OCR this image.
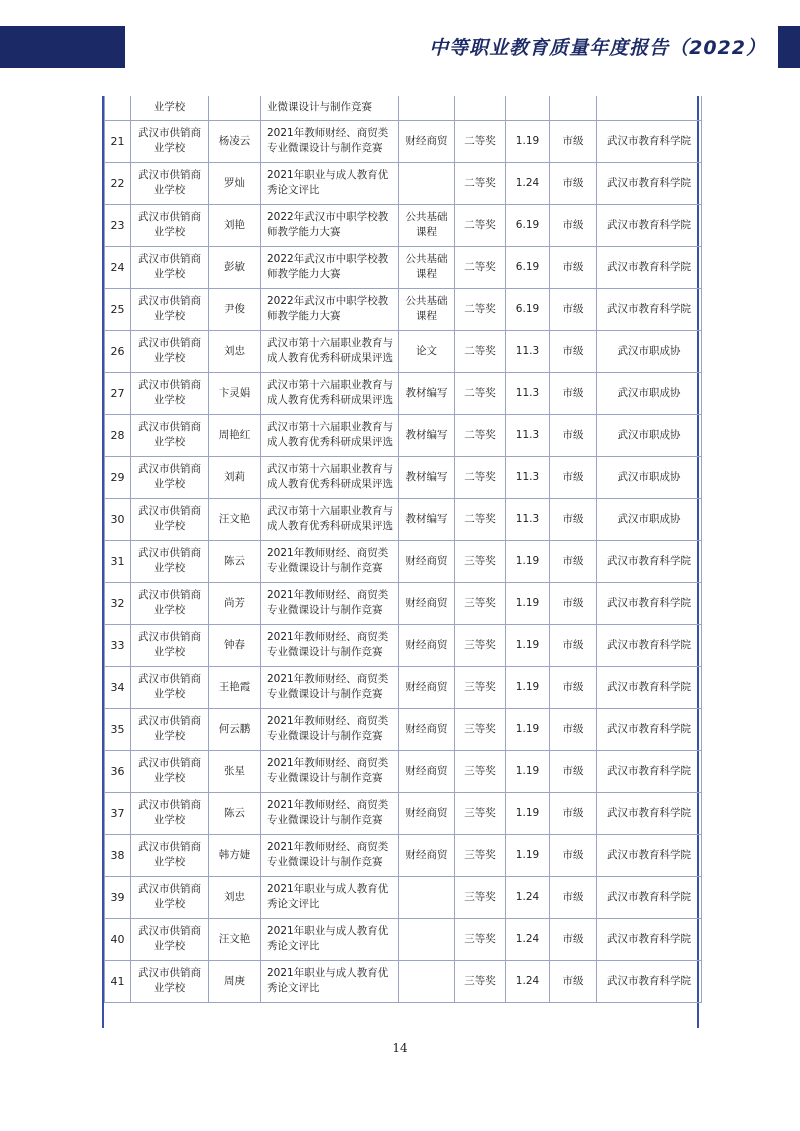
中等职业教育质量年度报告（2022）
	业学校		业微课设计与制作竞赛					
21	武汉市供销商业学校	杨凌云	2021年教师财经、商贸类专业微课设计与制作竞赛	财经商贸	二等奖	1.19	市级	武汉市教育科学院
22	武汉市供销商业学校	罗灿	2021年职业与成人教育优秀论文评比		二等奖	1.24	市级	武汉市教育科学院
23	武汉市供销商业学校	刘艳	2022年武汉市中职学校教师教学能力大赛	公共基础课程	二等奖	6.19	市级	武汉市教育科学院
24	武汉市供销商业学校	彭敏	2022年武汉市中职学校教师教学能力大赛	公共基础课程	二等奖	6.19	市级	武汉市教育科学院
25	武汉市供销商业学校	尹俊	2022年武汉市中职学校教师教学能力大赛	公共基础课程	二等奖	6.19	市级	武汉市教育科学院
26	武汉市供销商业学校	刘忠	武汉市第十六届职业教育与成人教育优秀科研成果评选	论文	二等奖	11.3	市级	武汉市职成协
27	武汉市供销商业学校	卞灵娟	武汉市第十六届职业教育与成人教育优秀科研成果评选	教材编写	二等奖	11.3	市级	武汉市职成协
28	武汉市供销商业学校	周艳红	武汉市第十六届职业教育与成人教育优秀科研成果评选	教材编写	二等奖	11.3	市级	武汉市职成协
29	武汉市供销商业学校	刘莉	武汉市第十六届职业教育与成人教育优秀科研成果评选	教材编写	二等奖	11.3	市级	武汉市职成协
30	武汉市供销商业学校	汪文艳	武汉市第十六届职业教育与成人教育优秀科研成果评选	教材编写	二等奖	11.3	市级	武汉市职成协
31	武汉市供销商业学校	陈云	2021年教师财经、商贸类专业微课设计与制作竞赛	财经商贸	三等奖	1.19	市级	武汉市教育科学院
32	武汉市供销商业学校	尚芳	2021年教师财经、商贸类专业微课设计与制作竞赛	财经商贸	三等奖	1.19	市级	武汉市教育科学院
33	武汉市供销商业学校	钟春	2021年教师财经、商贸类专业微课设计与制作竞赛	财经商贸	三等奖	1.19	市级	武汉市教育科学院
34	武汉市供销商业学校	王艳霞	2021年教师财经、商贸类专业微课设计与制作竞赛	财经商贸	三等奖	1.19	市级	武汉市教育科学院
35	武汉市供销商业学校	何云鹏	2021年教师财经、商贸类专业微课设计与制作竞赛	财经商贸	三等奖	1.19	市级	武汉市教育科学院
36	武汉市供销商业学校	张星	2021年教师财经、商贸类专业微课设计与制作竞赛	财经商贸	三等奖	1.19	市级	武汉市教育科学院
37	武汉市供销商业学校	陈云	2021年教师财经、商贸类专业微课设计与制作竞赛	财经商贸	三等奖	1.19	市级	武汉市教育科学院
38	武汉市供销商业学校	韩方婕	2021年教师财经、商贸类专业微课设计与制作竞赛	财经商贸	三等奖	1.19	市级	武汉市教育科学院
39	武汉市供销商业学校	刘忠	2021年职业与成人教育优秀论文评比		三等奖	1.24	市级	武汉市教育科学院
40	武汉市供销商业学校	汪文艳	2021年职业与成人教育优秀论文评比		三等奖	1.24	市级	武汉市教育科学院
41	武汉市供销商业学校	周庚	2021年职业与成人教育优秀论文评比		三等奖	1.24	市级	武汉市教育科学院
14
